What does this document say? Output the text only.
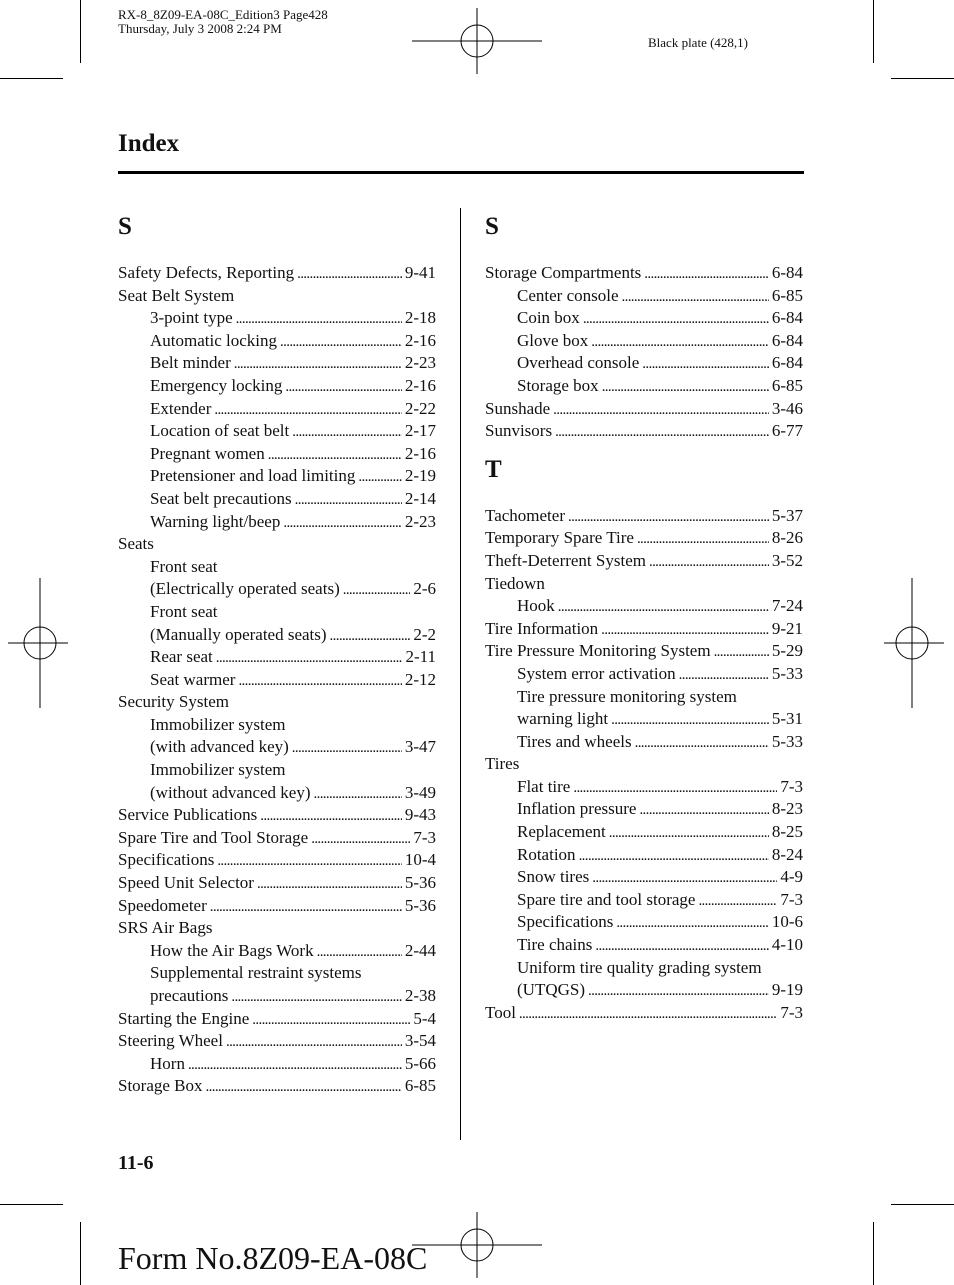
RX-8_8Z09-EA-08C_Edition3 Page428
Thursday, July 3 2008 2:24 PM
Black plate (428,1)
Index
S
Safety Defects, Reporting . . .	9-41
Seat Belt System
3-point type . . .	2-18
Automatic locking . . .	2-16
Belt minder . . .	2-23
Emergency locking . . .	2-16
Extender . . .	2-22
Location of seat belt . . .	2-17
Pregnant women . . .	2-16
Pretensioner and load limiting . . .	2-19
Seat belt precautions . . .	2-14
Warning light/beep . . .	2-23
Seats
Front seat
(Electrically operated seats) . . .	2-6
Front seat
(Manually operated seats) . . .	2-2
Rear seat . . .	2-11
Seat warmer . . .	2-12
Security System
Immobilizer system
(with advanced key) . . .	3-47
Immobilizer system
(without advanced key) . . .	3-49
Service Publications . . .	9-43
Spare Tire and Tool Storage . . .	7-3
Specifications . . .	10-4
Speed Unit Selector . . .	5-36
Speedometer . . .	5-36
SRS Air Bags
How the Air Bags Work . . .	2-44
Supplemental restraint systems
precautions . . .	2-38
Starting the Engine . . .	5-4
Steering Wheel . . .	3-54
Horn . . .	5-66
Storage Box . . .	6-85
S
Storage Compartments . . .	6-84
Center console . . .	6-85
Coin box . . .	6-84
Glove box . . .	6-84
Overhead console . . .	6-84
Storage box . . .	6-85
Sunshade . . .	3-46
Sunvisors . . .	6-77
T
Tachometer . . .	5-37
Temporary Spare Tire . . .	8-26
Theft-Deterrent System . . .	3-52
Tiedown
Hook . . .	7-24
Tire Information . . .	9-21
Tire Pressure Monitoring System . . .	5-29
System error activation . . .	5-33
Tire pressure monitoring system
warning light . . .	5-31
Tires and wheels . . .	5-33
Tires
Flat tire . . .	7-3
Inflation pressure . . .	8-23
Replacement . . .	8-25
Rotation . . .	8-24
Snow tires . . .	4-9
Spare tire and tool storage . . .	7-3
Specifications . . .	10-6
Tire chains . . .	4-10
Uniform tire quality grading system
(UTQGS) . . .	9-19
Tool . . .	7-3
11-6
Form No.8Z09-EA-08C
